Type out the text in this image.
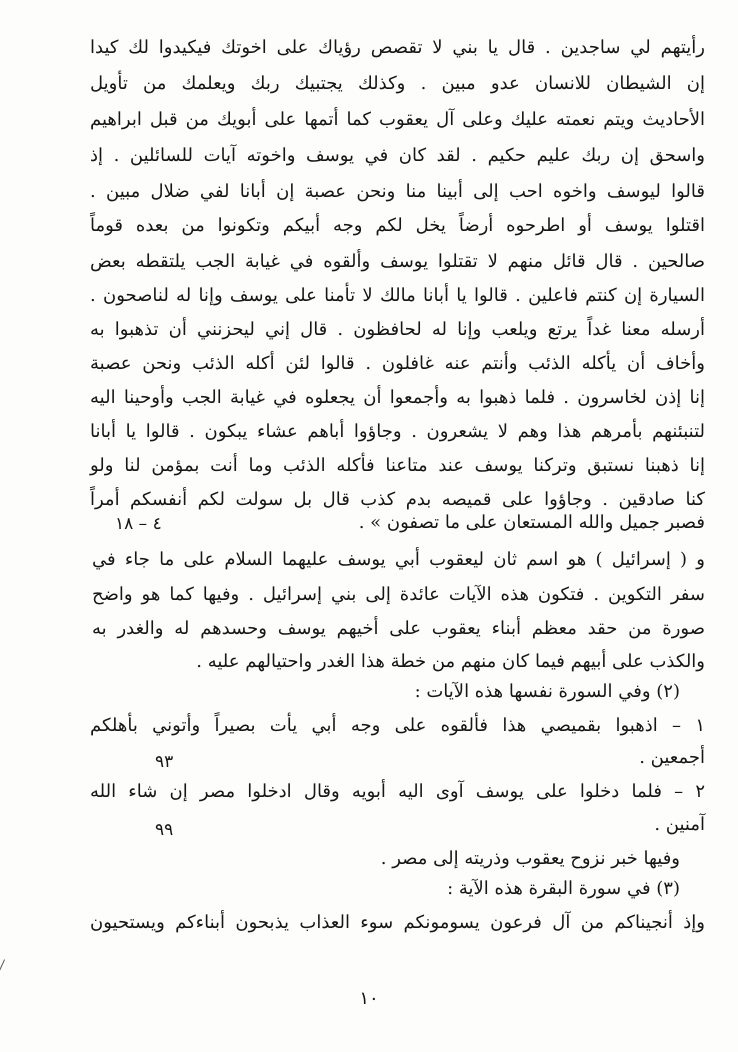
رأيتهم لي ساجدين . قال يا بني لا تقصص رؤياك على اخوتك فيكيدوا لك كيدا
إن الشيطان للانسان عدو مبين . وكذلك يجتبيك ربك ويعلمك من تأويل
الأحاديث ويتم نعمته عليك وعلى آل يعقوب كما أتمها على أبويك من قبل ابراهيم
واسحق إن ربك عليم حكيم . لقد كان في يوسف واخوته آيات للسائلين . إذ
قالوا ليوسف واخوه احب إلى أبينا منا ونحن عصبة إن أبانا لفي ضلال مبين .
اقتلوا يوسف أو اطرحوه أرضاً يخل لكم وجه أبيكم وتكونوا من بعده قوماً
صالحين . قال قائل منهم لا تقتلوا يوسف وألقوه في غيابة الجب يلتقطه بعض
السيارة إن كنتم فاعلين . قالوا يا أبانا مالك لا تأمنا على يوسف وإنا له لناصحون .
أرسله معنا غداً يرتع ويلعب وإنا له لحافظون . قال إني ليحزنني أن تذهبوا به
وأخاف أن يأكله الذئب وأنتم عنه غافلون . قالوا لئن أكله الذئب ونحن عصبة
إنا إذن لخاسرون . فلما ذهبوا به وأجمعوا أن يجعلوه في غيابة الجب وأوحينا اليه
لتنبئنهم بأمرهم هذا وهم لا يشعرون . وجاؤوا أباهم عشاء يبكون . قالوا يا أبانا
إنا ذهبنا نستبق وتركنا يوسف عند متاعنا فأكله الذئب وما أنت بمؤمن لنا ولو
كنا صادقين . وجاؤوا على قميصه بدم كذب قال بل سولت لكم أنفسكم أمراً
فصبر جميل والله المستعان على ما تصفون » .
٤ – ١٨
و ( إسرائيل ) هو اسم ثان ليعقوب أبي يوسف عليهما السلام على ما جاء في
سفر التكوين . فتكون هذه الآيات عائدة إلى بني إسرائيل . وفيها كما هو واضح
صورة من حقد معظم أبناء يعقوب على أخيهم يوسف وحسدهم له والغدر به
والكذب على أبيهم فيما كان منهم من خطة هذا الغدر واحتيالهم عليه .
(٢) وفي السورة نفسها هذه الآيات :
١ – اذهبوا بقميصي هذا فألقوه على وجه أبي يأت بصيراً وأتوني بأهلكم
أجمعين .
٩٣
٢ – فلما دخلوا على يوسف آوى اليه أبويه وقال ادخلوا مصر إن شاء الله
آمنين .
٩٩
وفيها خبر نزوح يعقوب وذريته إلى مصر .
(٣) في سورة البقرة هذه الآية :
وإذ أنجيناكم من آل فرعون يسومونكم سوء العذاب يذبحون أبناءكم ويستحيون
١٠
